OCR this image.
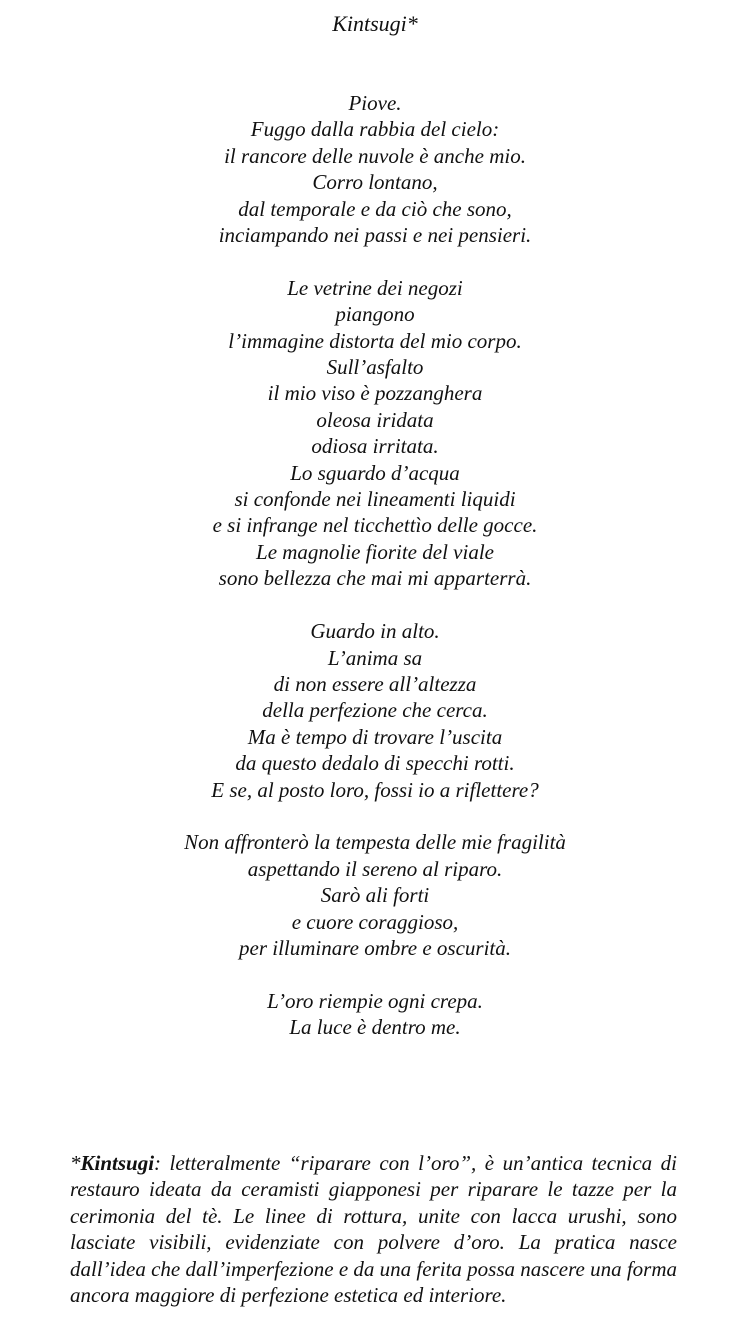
Kintsugi*
Piove.
Fuggo dalla rabbia del cielo:
il rancore delle nuvole è anche mio.
Corro lontano,
dal temporale e da ciò che sono,
inciampando nei passi e nei pensieri.
Le vetrine dei negozi
piangono
l’immagine distorta del mio corpo.
Sull’asfalto
il mio viso è pozzanghera
oleosa iridata
odiosa irritata.
Lo sguardo d’acqua
si confonde nei lineamenti liquidi
e si infrange nel ticchettìo delle gocce.
Le magnolie fiorite del viale
sono bellezza che mai mi apparterrà.
Guardo in alto.
L’anima sa
di non essere all’altezza
della perfezione che cerca.
Ma è tempo di trovare l’uscita
da questo dedalo di specchi rotti.
E se, al posto loro, fossi io a riflettere?
Non affronterò la tempesta delle mie fragilità
aspettando il sereno al riparo.
Sarò ali forti
e cuore coraggioso,
per illuminare ombre e oscurità.
L’oro riempie ogni crepa.
La luce è dentro me.
*Kintsugi: letteralmente “riparare con l’oro”, è un’antica tecnica di restauro ideata da ceramisti giapponesi per riparare le tazze per la cerimonia del tè. Le linee di rottura, unite con lacca urushi, sono lasciate visibili, evidenziate con polvere d’oro. La pratica nasce dall’idea che dall’imperfezione e da una ferita possa nascere una forma ancora maggiore di perfezione estetica ed interiore.
